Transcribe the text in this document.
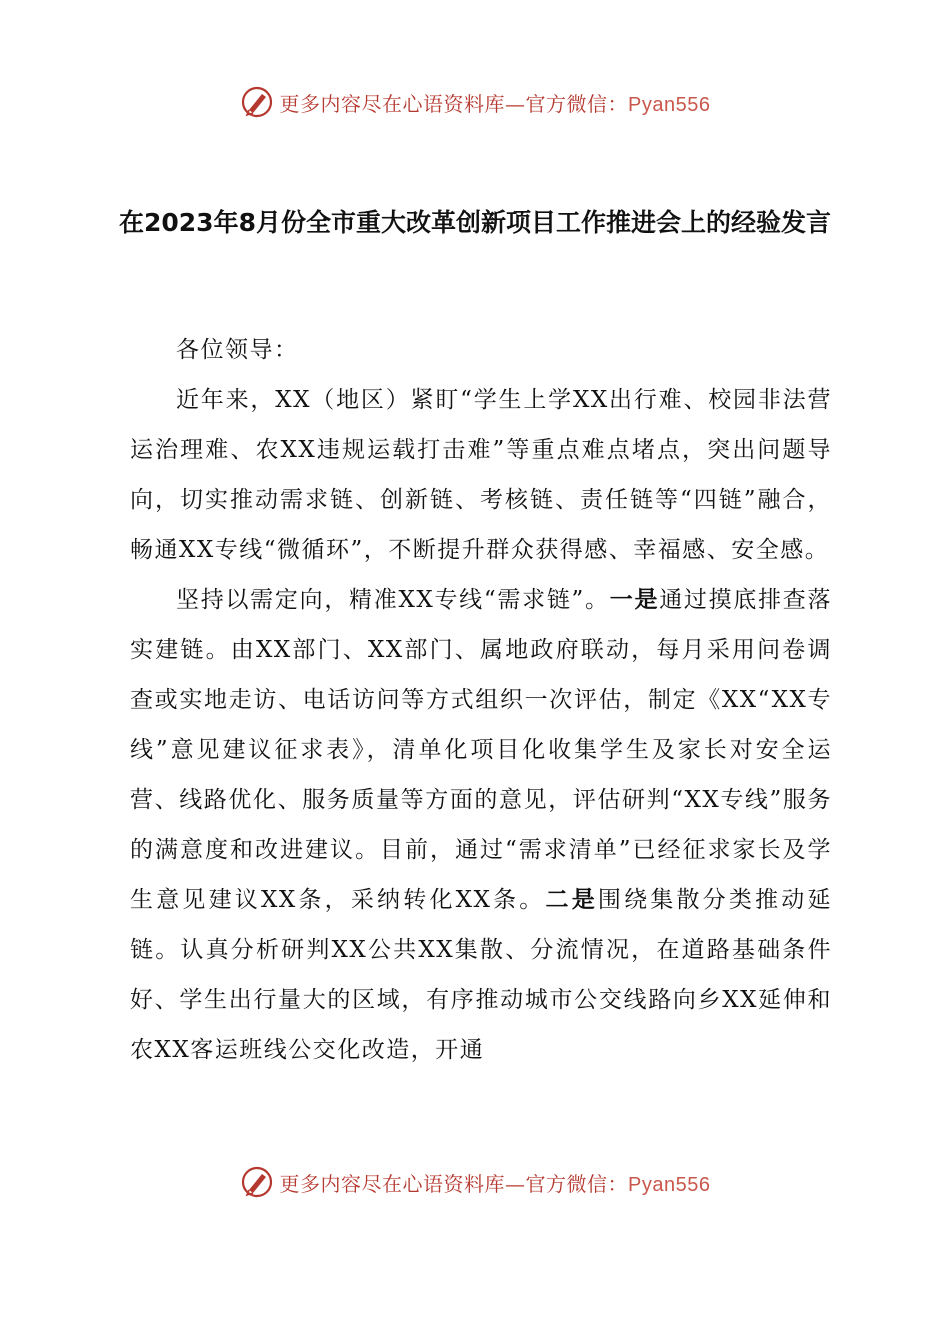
更多内容尽在心语资料库—官方微信：Pyan556
在2023年8月份全市重大改革创新项目工作推进会上的经验发言

各位领导：

近年来，XX（地区）紧盯“学生上学XX出行难、校园非法营运治理难、农XX违规运载打击难”等重点难点堵点，突出问题导向，切实推动需求链、创新链、考核链、责任链等“四链”融合，畅通XX专线“微循环”，不断提升群众获得感、幸福感、安全感。

坚持以需定向，精准XX专线“需求链”。一是通过摸底排查落实建链。由XX部门、XX部门、属地政府联动，每月采用问卷调查或实地走访、电话访问等方式组织一次评估，制定《XX“XX专线”意见建议征求表》，清单化项目化收集学生及家长对安全运营、线路优化、服务质量等方面的意见，评估研判“XX专线”服务的满意度和改进建议。目前，通过“需求清单”已经征求家长及学生意见建议XX条，采纳转化XX条。二是围绕集散分类推动延链。认真分析研判XX公共XX集散、分流情况，在道路基础条件好、学生出行量大的区域，有序推动城市公交线路向乡XX延伸和农XX客运班线公交化改造，开通

更多内容尽在心语资料库—官方微信：Pyan556
